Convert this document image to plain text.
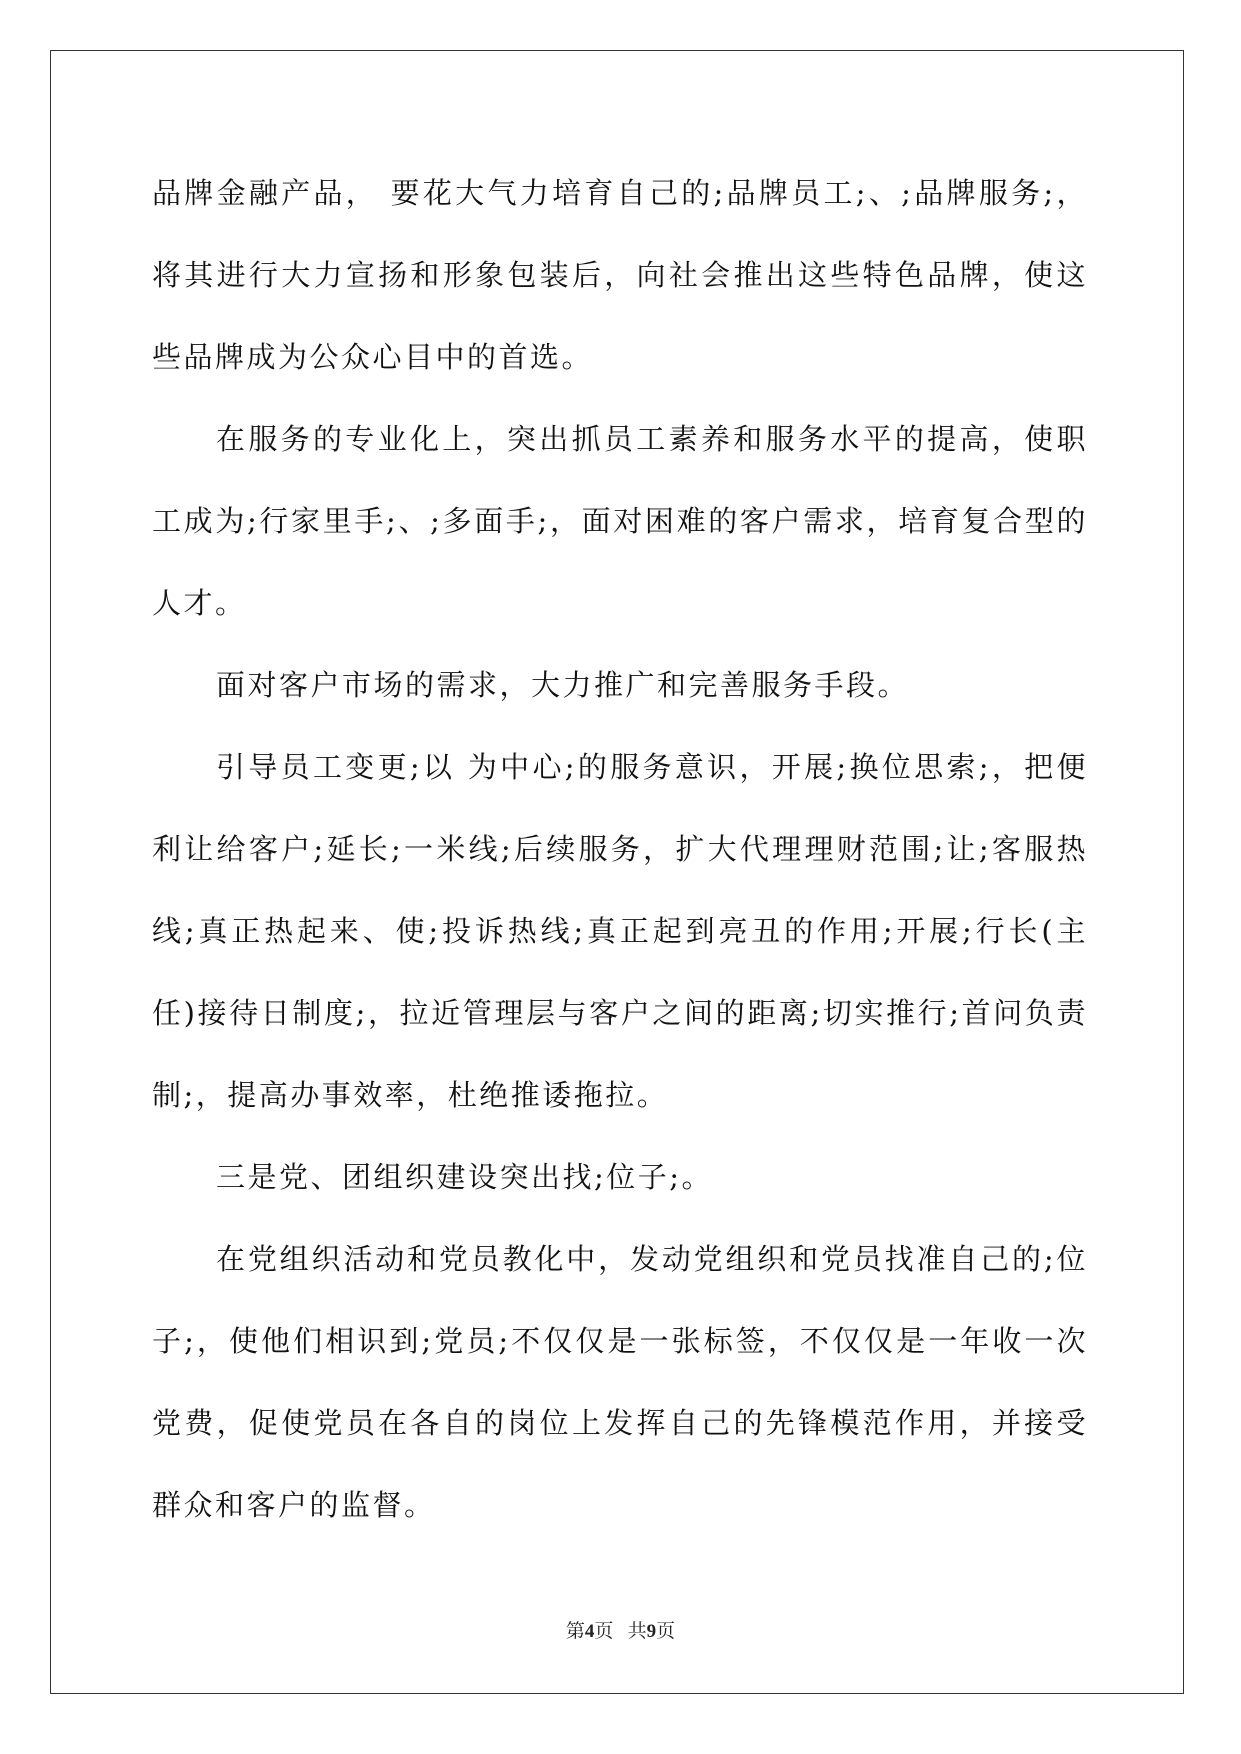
品牌金融产品， 要花大气力培育自己的;品牌员工;、;品牌服务;，将其进行大力宣扬和形象包装后，向社会推出这些特色品牌，使这些品牌成为公众心目中的首选。

在服务的专业化上，突出抓员工素养和服务水平的提高，使职工成为;行家里手;、;多面手;，面对困难的客户需求，培育复合型的人才。

面对客户市场的需求，大力推广和完善服务手段。

引导员工变更;以 为中心;的服务意识，开展;换位思索;，把便利让给客户;延长;一米线;后续服务，扩大代理理财范围;让;客服热线;真正热起来、使;投诉热线;真正起到亮丑的作用;开展;行长(主任)接待日制度;，拉近管理层与客户之间的距离;切实推行;首问负责制;，提高办事效率，杜绝推诿拖拉。

三是党、团组织建设突出找;位子;。

在党组织活动和党员教化中，发动党组织和党员找准自己的;位子;，使他们相识到;党员;不仅仅是一张标签，不仅仅是一年收一次党费，促使党员在各自的岗位上发挥自己的先锋模范作用，并接受群众和客户的监督。

第4页 共9页
